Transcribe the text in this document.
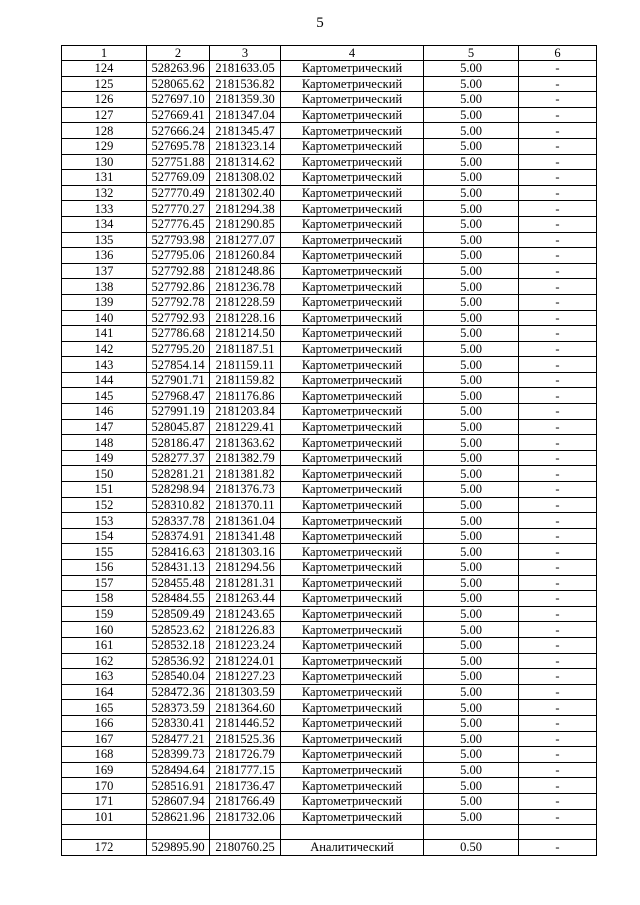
5
1	2	3	4	5	6
124	528263.96	2181633.05	Картометрический	5.00	-
125	528065.62	2181536.82	Картометрический	5.00	-
126	527697.10	2181359.30	Картометрический	5.00	-
127	527669.41	2181347.04	Картометрический	5.00	-
128	527666.24	2181345.47	Картометрический	5.00	-
129	527695.78	2181323.14	Картометрический	5.00	-
130	527751.88	2181314.62	Картометрический	5.00	-
131	527769.09	2181308.02	Картометрический	5.00	-
132	527770.49	2181302.40	Картометрический	5.00	-
133	527770.27	2181294.38	Картометрический	5.00	-
134	527776.45	2181290.85	Картометрический	5.00	-
135	527793.98	2181277.07	Картометрический	5.00	-
136	527795.06	2181260.84	Картометрический	5.00	-
137	527792.88	2181248.86	Картометрический	5.00	-
138	527792.86	2181236.78	Картометрический	5.00	-
139	527792.78	2181228.59	Картометрический	5.00	-
140	527792.93	2181228.16	Картометрический	5.00	-
141	527786.68	2181214.50	Картометрический	5.00	-
142	527795.20	2181187.51	Картометрический	5.00	-
143	527854.14	2181159.11	Картометрический	5.00	-
144	527901.71	2181159.82	Картометрический	5.00	-
145	527968.47	2181176.86	Картометрический	5.00	-
146	527991.19	2181203.84	Картометрический	5.00	-
147	528045.87	2181229.41	Картометрический	5.00	-
148	528186.47	2181363.62	Картометрический	5.00	-
149	528277.37	2181382.79	Картометрический	5.00	-
150	528281.21	2181381.82	Картометрический	5.00	-
151	528298.94	2181376.73	Картометрический	5.00	-
152	528310.82	2181370.11	Картометрический	5.00	-
153	528337.78	2181361.04	Картометрический	5.00	-
154	528374.91	2181341.48	Картометрический	5.00	-
155	528416.63	2181303.16	Картометрический	5.00	-
156	528431.13	2181294.56	Картометрический	5.00	-
157	528455.48	2181281.31	Картометрический	5.00	-
158	528484.55	2181263.44	Картометрический	5.00	-
159	528509.49	2181243.65	Картометрический	5.00	-
160	528523.62	2181226.83	Картометрический	5.00	-
161	528532.18	2181223.24	Картометрический	5.00	-
162	528536.92	2181224.01	Картометрический	5.00	-
163	528540.04	2181227.23	Картометрический	5.00	-
164	528472.36	2181303.59	Картометрический	5.00	-
165	528373.59	2181364.60	Картометрический	5.00	-
166	528330.41	2181446.52	Картометрический	5.00	-
167	528477.21	2181525.36	Картометрический	5.00	-
168	528399.73	2181726.79	Картометрический	5.00	-
169	528494.64	2181777.15	Картометрический	5.00	-
170	528516.91	2181736.47	Картометрический	5.00	-
171	528607.94	2181766.49	Картометрический	5.00	-
101	528621.96	2181732.06	Картометрический	5.00	-

172	529895.90	2180760.25	Аналитический	0.50	-
